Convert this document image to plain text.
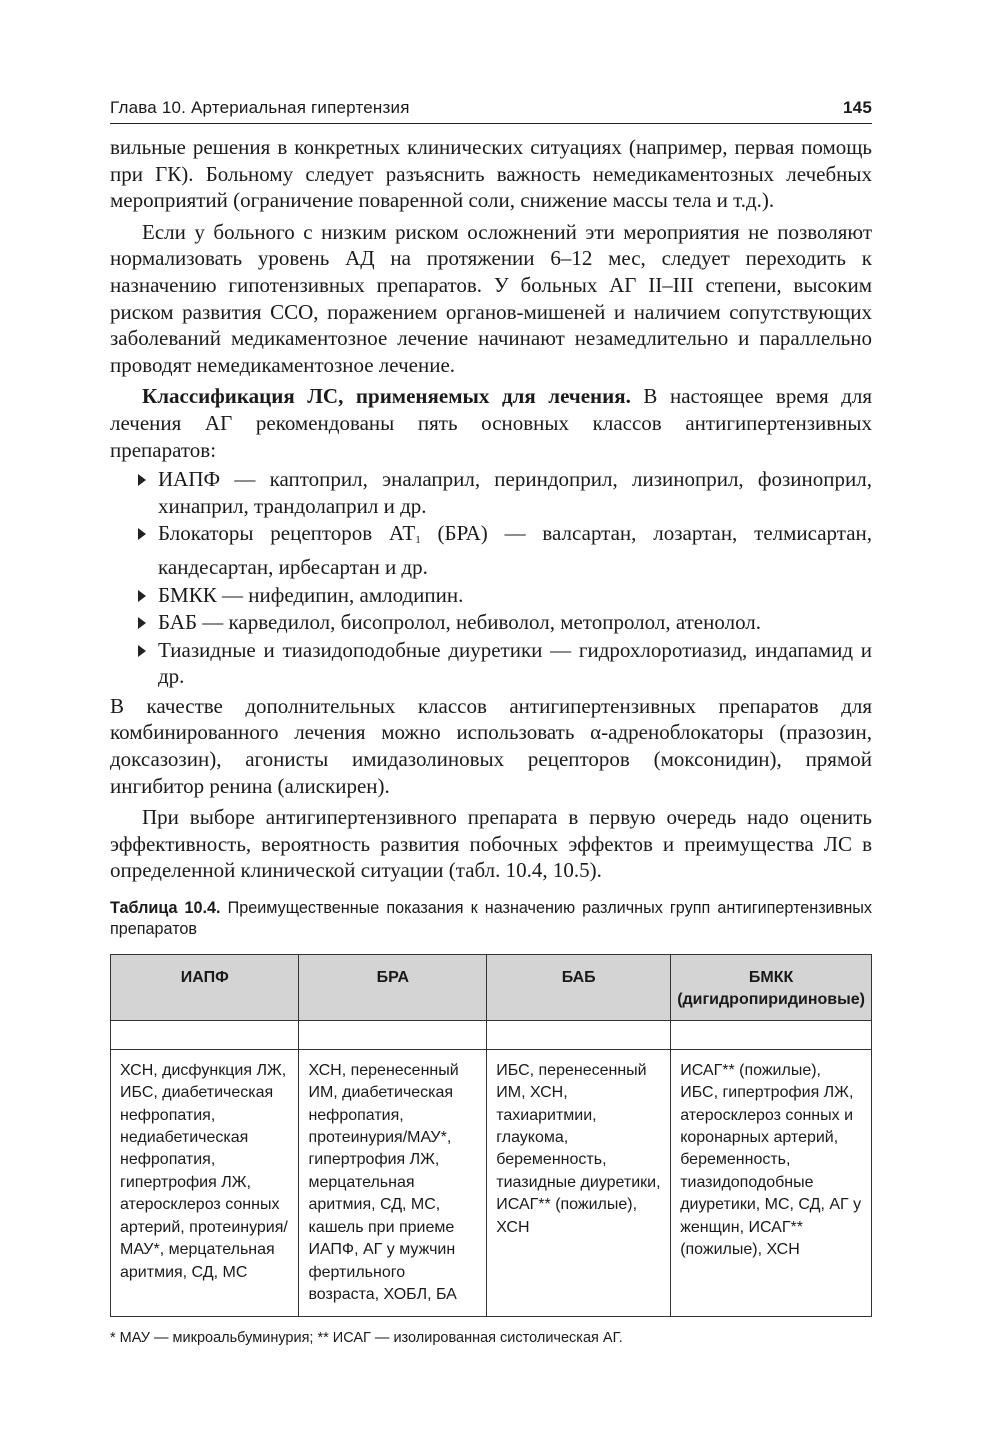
Глава 10. Артериальная гипертензия	145

вильные решения в конкретных клинических ситуациях (например, первая помощь при ГК). Больному следует разъяснить важность немедикаментозных лечебных мероприятий (ограничение поваренной соли, снижение массы тела и т.д.).

Если у больного с низким риском осложнений эти мероприятия не позволяют нормализовать уровень АД на протяжении 6–12 мес, следует переходить к назначению гипотензивных препаратов. У больных АГ II–III степени, высоким риском развития ССО, поражением органов-мишеней и наличием сопутствующих заболеваний медикаментозное лечение начинают незамедлительно и параллельно проводят немедикаментозное лечение.

Классификация ЛС, применяемых для лечения. В настоящее время для лечения АГ рекомендованы пять основных классов антигипертензивных препаратов:

ИАПФ — каптоприл, эналаприл, периндоприл, лизиноприл, фозиноприл, хинаприл, трандолаприл и др.
Блокаторы рецепторов $АТ_1$ (БРА) — валсартан, лозартан, телмисартан, кандесартан, ирбесартан и др.
БМКК — нифедипин, амлодипин.
БАБ — карведилол, бисопролол, небиволол, метопролол, атенолол.
Тиазидные и тиазидоподобные диуретики — гидрохлоротиазид, индапамид и др.

В качестве дополнительных классов антигипертензивных препаратов для комбинированного лечения можно использовать α-адреноблокаторы (празозин, доксазозин), агонисты имидазолиновых рецепторов (моксонидин), прямой ингибитор ренина (алискирен).

При выборе антигипертензивного препарата в первую очередь надо оценить эффективность, вероятность развития побочных эффектов и преимущества ЛС в определенной клинической ситуации (табл. 10.4, 10.5).

Таблица 10.4. Преимущественные показания к назначению различных групп антигипертензивных препаратов
ИАПФ	БРА	БАБ	БМКК
(дигидропиридиновые)

ХСН, дисфункция ЛЖ, ИБС, диабетическая нефропатия, недиабетическая нефропатия, гипертрофия ЛЖ, атеросклероз сонных артерий, протеинурия/МАУ*, мерцательная аритмия, СД, МС	ХСН, перенесенный ИМ, диабетическая нефропатия, протеинурия/МАУ*, гипертрофия ЛЖ, мерцательная аритмия, СД, МС, кашель при приеме ИАПФ, АГ у мужчин фертильного возраста, ХОБЛ, БА	ИБС, перенесенный ИМ, ХСН, тахиаритмии, глаукома, беременность, тиазидные диуретики, ИСАГ** (пожилые), ХСН	ИСАГ** (пожилые), ИБС, гипертрофия ЛЖ, атеросклероз сонных и коронарных артерий, беременность, тиазидоподобные диуретики, МС, СД, АГ у женщин, ИСАГ** (пожилые), ХСН
* МАУ — микроальбуминурия; ** ИСАГ — изолированная систолическая АГ.
